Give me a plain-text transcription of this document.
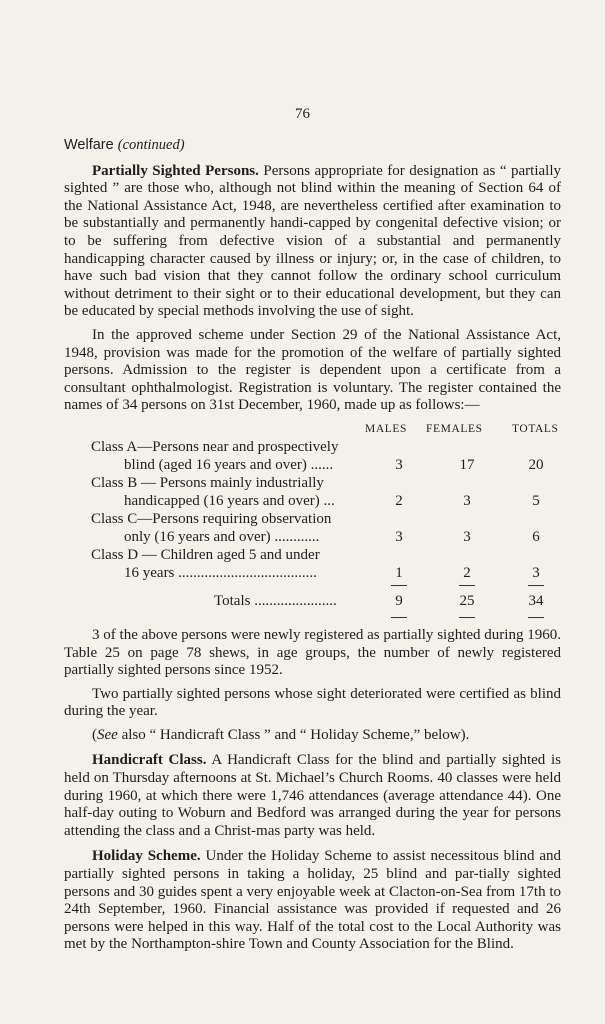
76
Welfare (continued)

Partially Sighted Persons. Persons appropriate for designation as “ partially sighted ” are those who, although not blind within the meaning of Section 64 of the National Assistance Act, 1948, are nevertheless certified after examination to be substantially and permanently handi-capped by congenital defective vision; or to be suffering from defective vision of a substantial and permanently handicapping character caused by illness or injury; or, in the case of children, to have such bad vision that they cannot follow the ordinary school curriculum without detriment to their sight or to their educational development, but they can be educated by special methods involving the use of sight.

In the approved scheme under Section 29 of the National Assistance Act, 1948, provision was made for the promotion of the welfare of partially sighted persons. Admission to the register is dependent upon a certificate from a consultant ophthalmologist. Registration is voluntary. The register contained the names of 34 persons on 31st December, 1960, made up as follows:—

MALES FEMALES	TOTALS
Class A—Persons near and prospectively
blind (aged 16 years and over) ......	3	17	20
Class B — Persons mainly industrially
handicapped (16 years and over) ...	2	3	5
Class C—Persons requiring observation
only (16 years and over) ............	3	3	6
Class D — Children aged 5 and under
16 years .....................................	1	2	3
Totals ......................	9	25	34

3 of the above persons were newly registered as partially sighted during 1960. Table 25 on page 78 shews, in age groups, the number of newly registered partially sighted persons since 1952.

Two partially sighted persons whose sight deteriorated were certified as blind during the year.

(See also “ Handicraft Class ” and “ Holiday Scheme,” below).

Handicraft Class. A Handicraft Class for the blind and partially sighted is held on Thursday afternoons at St. Michael’s Church Rooms. 40 classes were held during 1960, at which there were 1,746 attendances (average attendance 44). One half-day outing to Woburn and Bedford was arranged during the year for persons attending the class and a Christ-mas party was held.

Holiday Scheme. Under the Holiday Scheme to assist necessitous blind and partially sighted persons in taking a holiday, 25 blind and par-tially sighted persons and 30 guides spent a very enjoyable week at Clacton-on-Sea from 17th to 24th September, 1960. Financial assistance was provided if requested and 26 persons were helped in this way. Half of the total cost to the Local Authority was met by the Northampton-shire Town and County Association for the Blind.
